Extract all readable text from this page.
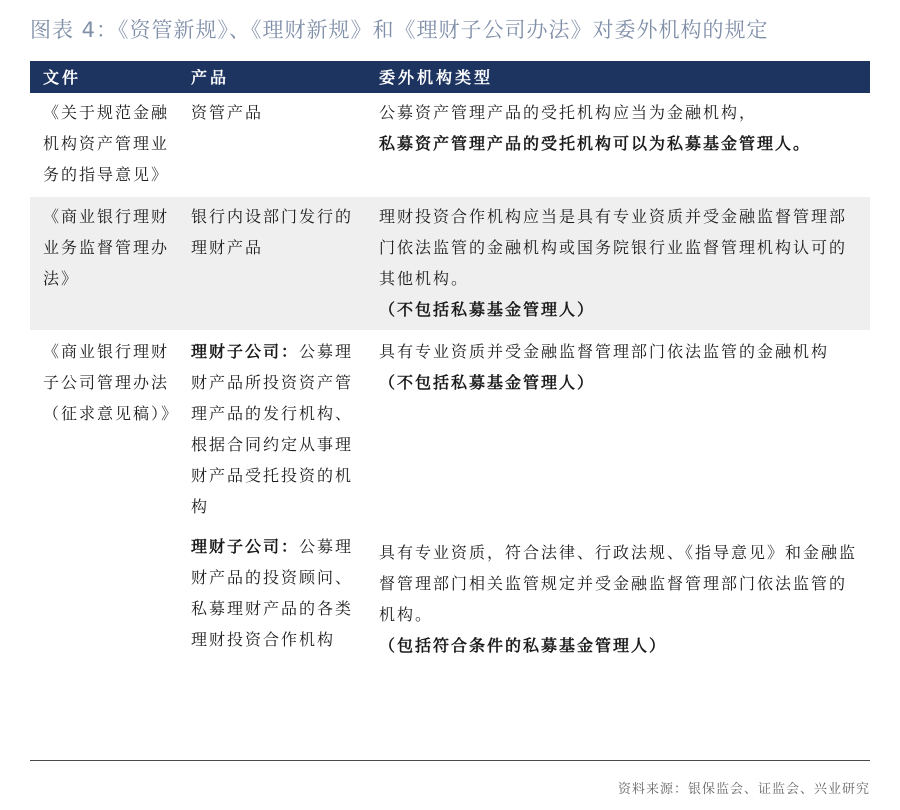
图表 4：《资管新规》、《理财新规》和《理财子公司办法》对委外机构的规定
文件	产品	委外机构类型
《关于规范金融机构资产管理业务的指导意见》	资管产品	公募资产管理产品的受托机构应当为金融机构，

私募资产管理产品的受托机构可以为私募基金管理人。

《商业银行理财业务监督管理办法》	银行内设部门发行的理财产品	理财投资合作机构应当是具有专业资质并受金融监督管理部门依法监管的金融机构或国务院银行业监督管理机构认可的其他机构。

（不包括私募基金管理人）

《商业银行理财子公司管理办法（征求意见稿）》	理财子公司：公募理财产品所投资资产管理产品的发行机构、根据合同约定从事理财产品受托投资的机构	具有专业资质并受金融监督管理部门依法监管的金融机构

（不包括私募基金管理人）

	理财子公司：公募理财产品的投资顾问、私募理财产品的各类理财投资合作机构	具有专业资质，符合法律、行政法规、《指导意见》和金融监督管理部门相关监管规定并受金融监督管理部门依法监管的机构。

（包括符合条件的私募基金管理人）

资料来源：银保监会、证监会、兴业研究
